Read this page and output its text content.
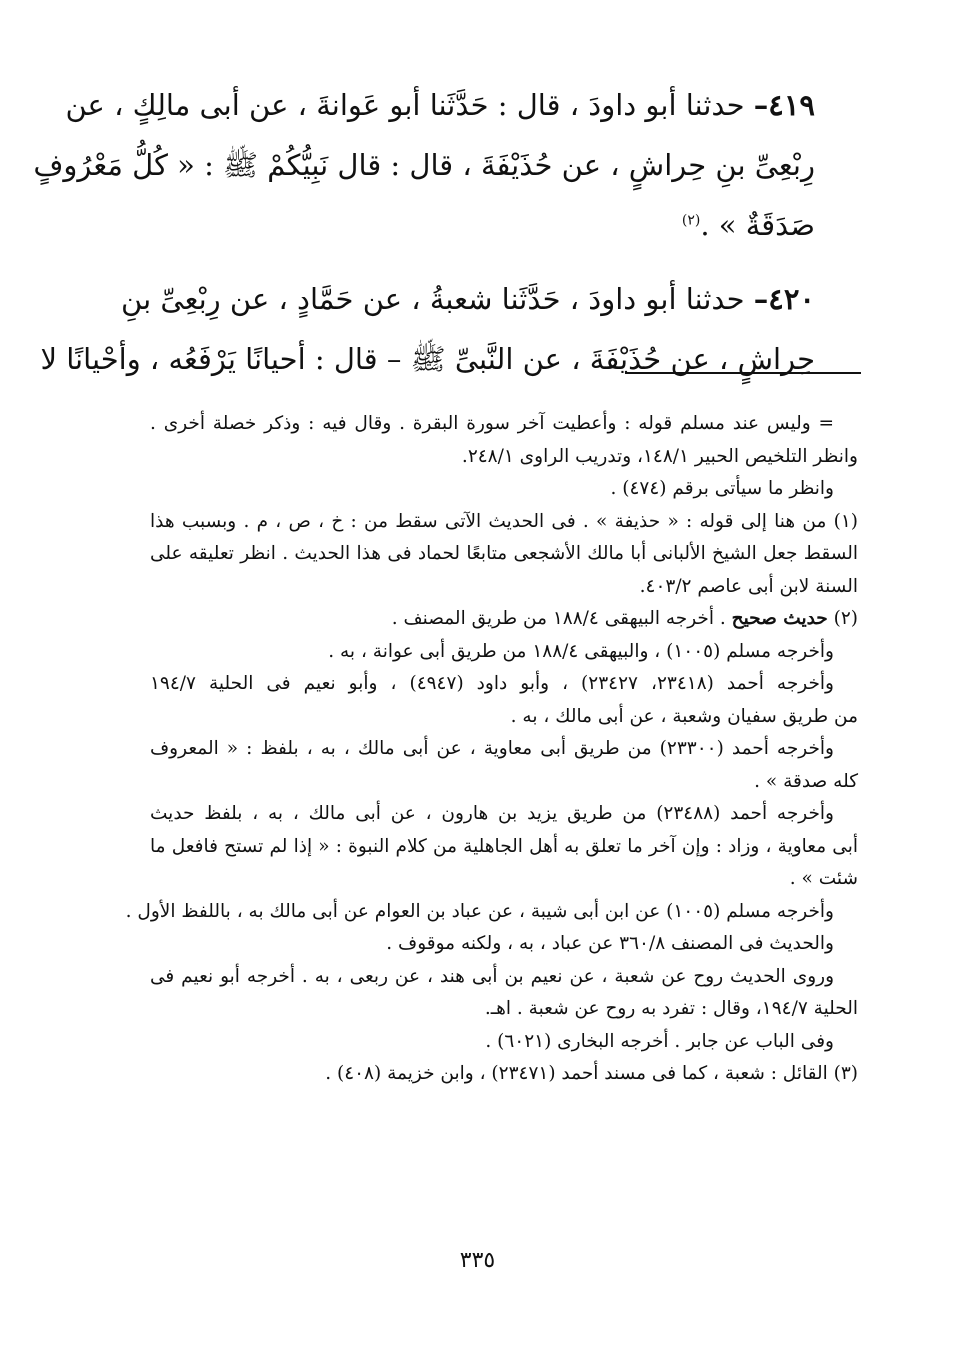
٤١٩– حدثنا أبو داودَ ، قال : حَدَّثَنا أبو عَوانةَ ، عن أبى مالِكٍ ، عن
رِبْعِىِّ بنِ حِراشٍ ، عن حُذَيْفَةَ ، قال : قال نَبِيُّكُمْ ﷺ : « كُلُّ مَعْرُوفٍ
صَدَقَةٌ » .$^{(٢)}$
٤٢٠– حدثنا أبو داودَ ، حَدَّثَنا شعبةُ ، عن حَمَّادٍ ، عن رِبْعِىِّ بنِ
حِراشٍ ، عن حُذَيْفَةَ ، عن النَّبىِّ ﷺ – قال : أحيانًا يَرْفَعُه ، وأحْيانًا لا
= وليس عند مسلم قوله : وأعطيت آخر سورة البقرة . وقال فيه : وذكر خصلة أخرى .
وانظر التلخيص الحبير ١٤٨/١، وتدريب الراوى ٢٤٨/١.
وانظر ما سيأتى برقم (٤٧٤) .
(١) من هنا إلى قوله : « حذيفة » . فى الحديث الآتى سقط من : خ ، ص ، م . وبسبب هذا
السقط جعل الشيخ الألبانى أبا مالك الأشجعى متابعًا لحماد فى هذا الحديث . انظر تعليقه على
السنة لابن أبى عاصم ٤٠٣/٢.
(٢) حديث صحيح . أخرجه البيهقى ١٨٨/٤ من طريق المصنف .
وأخرجه مسلم (١٠٠٥) ، والبيهقى ١٨٨/٤ من طريق أبى عوانة ، به .
وأخرجه أحمد (٢٣٤١٨، ٢٣٤٢٧) ، وأبو داود (٤٩٤٧) ، وأبو نعيم فى الحلية ١٩٤/٧
من طريق سفيان وشعبة ، عن أبى مالك ، به .
وأخرجه أحمد (٢٣٣٠٠) من طريق أبى معاوية ، عن أبى مالك ، به ، بلفظ : « المعروف
كله صدقة » .
وأخرجه أحمد (٢٣٤٨٨) من طريق يزيد بن هارون ، عن أبى مالك ، به ، بلفظ حديث
أبى معاوية ، وزاد : وإن آخر ما تعلق به أهل الجاهلية من كلام النبوة : « إذا لم تستح فافعل ما
شئت » .
وأخرجه مسلم (١٠٠٥) عن ابن أبى شيبة ، عن عباد بن العوام عن أبى مالك به ، باللفظ الأول .
والحديث فى المصنف ٣٦٠/٨ عن عباد ، به ، ولكنه موقوف .
وروى الحديث روح عن شعبة ، عن نعيم بن أبى هند ، عن ربعى ، به . أخرجه أبو نعيم فى
الحلية ١٩٤/٧، وقال : تفرد به روح عن شعبة . اهـ.
وفى الباب عن جابر . أخرجه البخارى (٦٠٢١) .
(٣) القائل : شعبة ، كما فى مسند أحمد (٢٣٤٧١) ، وابن خزيمة (٤٠٨) .
٣٣٥
